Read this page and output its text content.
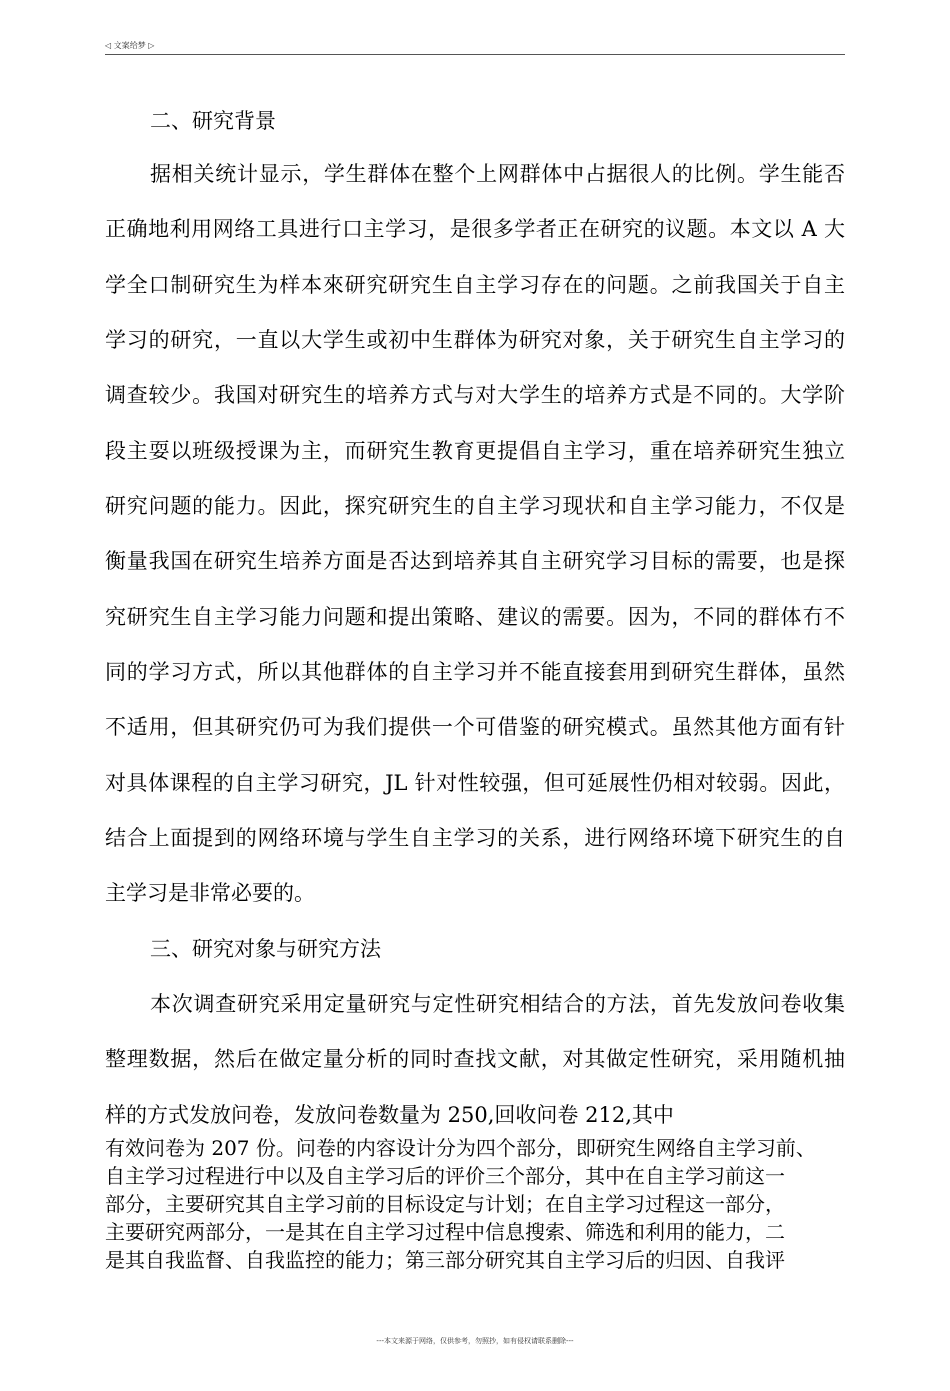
◁ 文案给梦 ▷
二、研究背景
据相关统计显示，学生群体在整个上网群体中占据很人的比例。学生能否
正确地利用网络工具进行口主学习，是很多学者正在研究的议题。本文以 A 大
学全口制研究生为样本來研究研究生自主学习存在的问题。之前我国关于自主
学习的研究，一直以大学生或初中生群体为研究对象，关于研究生自主学习的
调查较少。我国对研究生的培养方式与对大学生的培养方式是不同的。大学阶
段主耍以班级授课为主，而研究生教育更提倡自主学习，重在培养研究生独立
研究问题的能力。因此，探究研究生的自主学习现状和自主学习能力，不仅是
衡量我国在研究生培养方面是否达到培养其自主研究学习目标的需要，也是探
究研究生自主学习能力问题和提出策略、建议的需要。因为，不同的群体冇不
同的学习方式，所以其他群体的自主学习并不能直接套用到研究生群体，虽然
不适用，但其研究仍可为我们提供一个可借鉴的研究模式。虽然其他方面有针
对具体课程的自主学习研究，JL 针对性较强，但可延展性仍相对较弱。因此，
结合上面提到的网络环境与学生自主学习的关系，进行网络环境下研究生的自
主学习是非常必要的。
三、研究对象与研究方法
本次调查研究采用定量研究与定性研究相结合的方法，首先发放问卷收集
整理数据，然后在做定量分析的同时查找文献，对其做定性研究，采用随机抽
样的方式发放问卷，发放问卷数量为 250,回收问卷 212,其中
有效问卷为 207 份。问卷的内容设计分为四个部分，即研究生网络自主学习前、
自主学习过程进行中以及自主学习后的评价三个部分，其中在自主学习前这一
部分，主要研究其自主学习前的目标设定与计划；在自主学习过程这一部分，
主要研究两部分，一是其在自主学习过程中信息搜索、筛选和利用的能力，二
是其自我监督、自我监控的能力；第三部分研究其自主学习后的归因、自我评
---本文来源于网络，仅供参考，勿照抄，如有侵权请联系删除---
